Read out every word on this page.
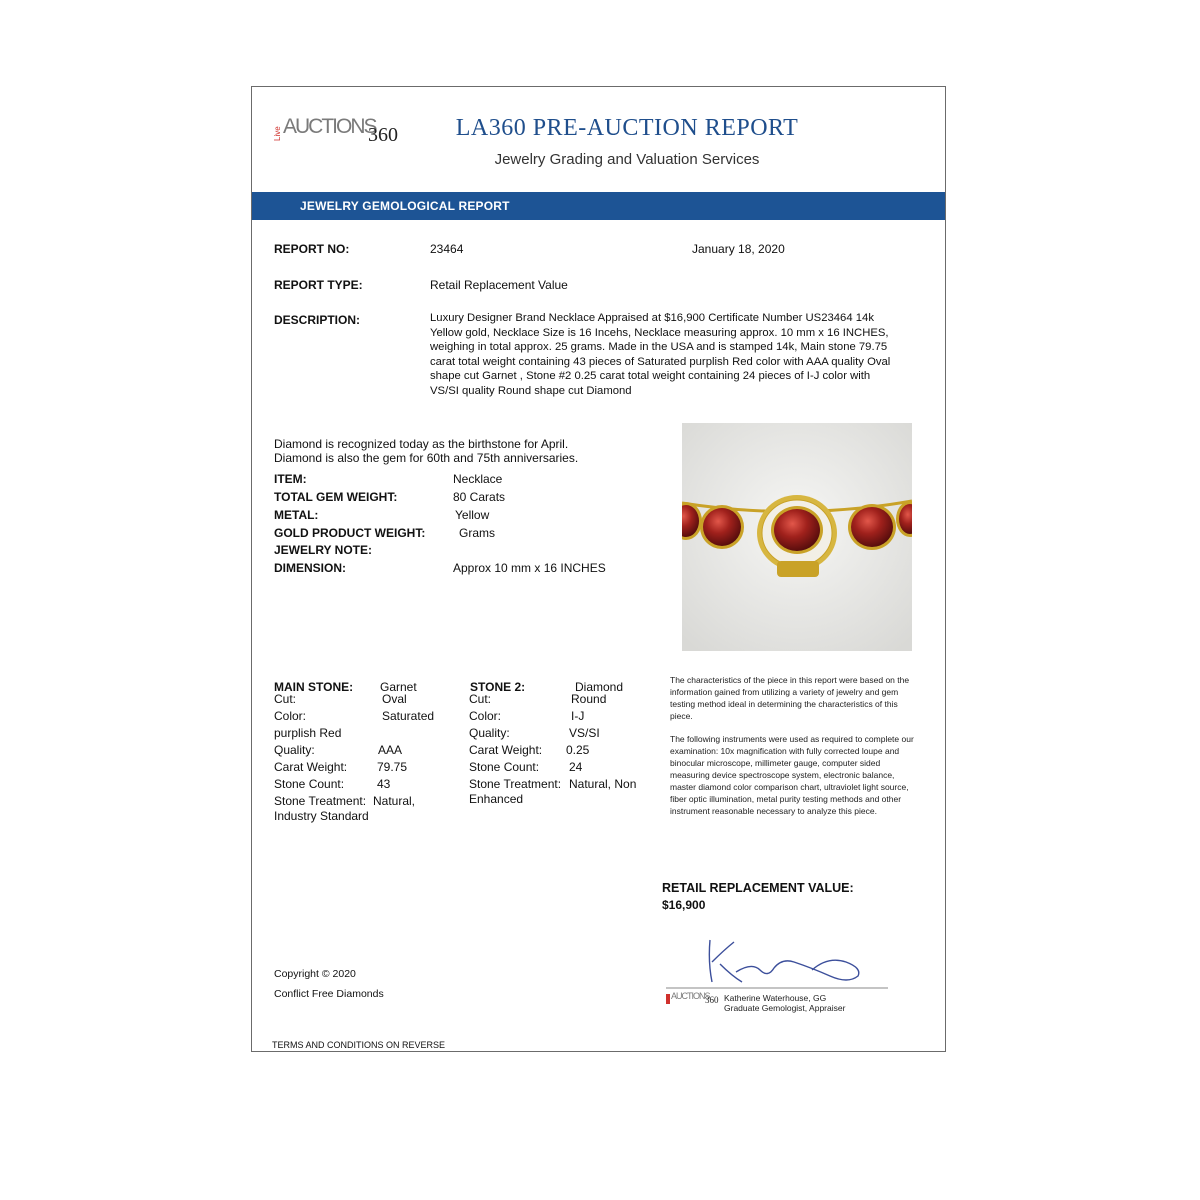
Live AUCTIONS
360	LA360 PRE-AUCTION REPORT
Jewelry Grading and Valuation Services
JEWELRY GEMOLOGICAL REPORT
REPORT NO:	23464	January 18, 2020
REPORT TYPE:	Retail Replacement Value
DESCRIPTION:	Luxury Designer Brand Necklace Appraised at $16,900 Certificate Number US23464 14k Yellow gold, Necklace Size is 16 Incehs, Necklace measuring approx. 10 mm x 16 INCHES, weighing in total approx. 25 grams. Made in the USA and is stamped 14k, Main stone 79.75 carat total weight containing 43 pieces of Saturated purplish Red color with AAA quality Oval shape cut Garnet , Stone #2 0.25 carat total weight containing 24 pieces of I-J color with VS/SI quality Round shape cut Diamond
Diamond is recognized today as the birthstone for April.
Diamond is also the gem for 60th and 75th anniversaries.
ITEM:	Necklace
TOTAL GEM WEIGHT:	80 Carats
METAL:	Yellow
GOLD PRODUCT WEIGHT:	Grams
JEWELRY NOTE:
DIMENSION:	Approx 10 mm x 16 INCHES
MAIN STONE: Garnet
Cut:	Oval
Color:	Saturated
purplish Red
Quality:	AAA
Carat Weight: 79.75
Stone Count:	43
Stone Treatment: Natural,
Industry Standard
STONE 2:	Diamond
Cut:	Round
Color:	I-J
Quality:	VS/SI
Carat Weight: 0.25
Stone Count: 24
Stone Treatment: Natural, Non
Enhanced
The characteristics of the piece in this report were based on the information gained from utilizing a variety of jewelry and gem testing method ideal in determining the characteristics of this piece.
The following instruments were used as required to complete our examination: 10x magnification with fully corrected loupe and binocular microscope, millimeter gauge, computer sided measuring device spectroscope system, electronic balance, master diamond color comparison chart, ultraviolet light source, fiber optic illumination, metal purity testing methods and other instrument reasonable necessary to analyze this piece.
RETAIL REPLACEMENT VALUE:
$16,900
AUCTIONS
360 Katherine Waterhouse, GG
Graduate Gemologist, Appraiser
Copyright © 2020
Conflict Free Diamonds
TERMS AND CONDITIONS ON REVERSE
